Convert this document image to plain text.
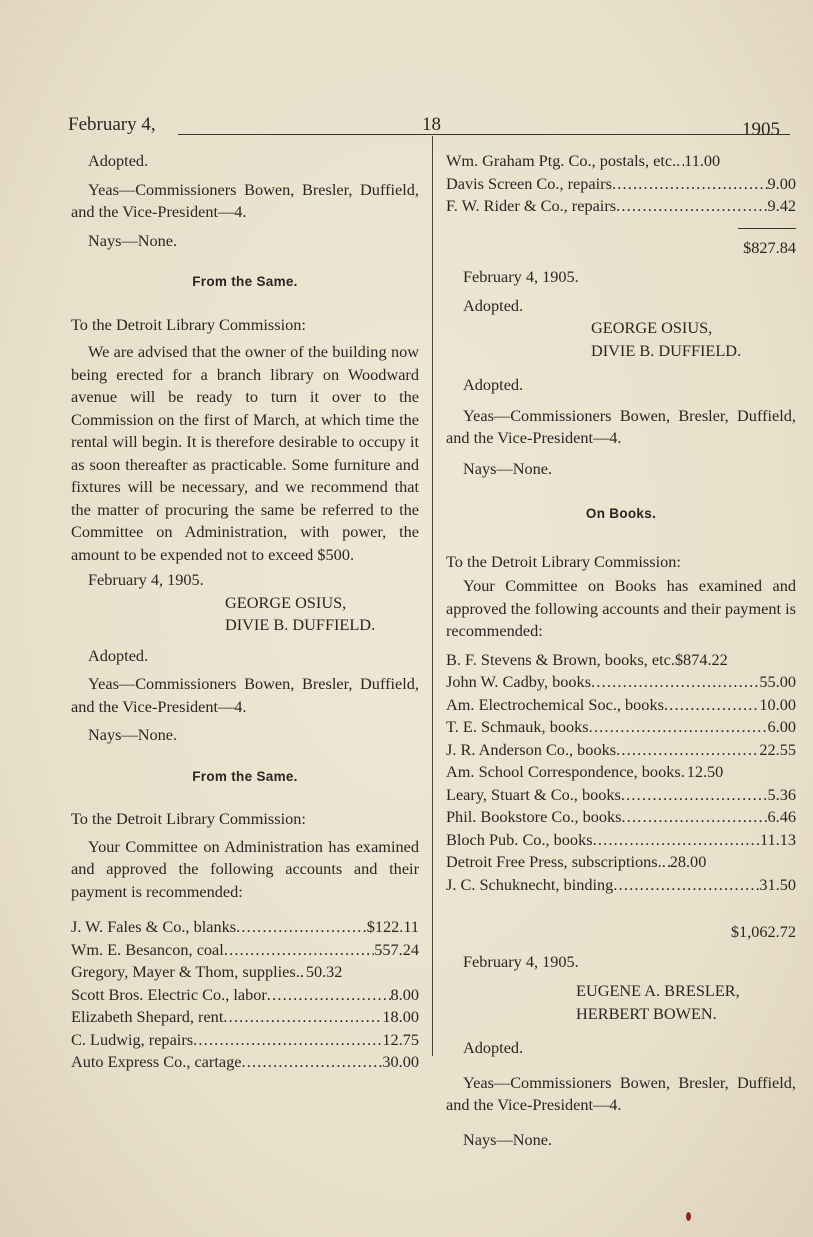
February 4,	18	1905

Adopted.

Yeas—Commissioners Bowen, Bresler, Duffield, and the Vice-President—4.

Nays—None.

From the Same.

To the Detroit Library Commission:

We are advised that the owner of the building now being erected for a branch library on Woodward avenue will be ready to turn it over to the Commission on the first of March, at which time the rental will begin. It is therefore desirable to occupy it as soon thereafter as practicable. Some furniture and fixtures will be necessary, and we recommend that the matter of procuring the same be referred to the Committee on Administration, with power, the amount to be expended not to exceed $500.

February 4, 1905.

GEORGE OSIUS,

DIVIE B. DUFFIELD.

Adopted.

Yeas—Commissioners Bowen, Bresler, Duffield, and the Vice-President—4.

Nays—None.

From the Same.

To the Detroit Library Commission:

Your Committee on Administration has examined and approved the following accounts and their payment is recommended:

J. W. Fales & Co., blanks .....	$122.11
Wm. E. Besancon, coal .....	557.24
Gregory, Mayer & Thom, supplies. ..... 50.32
Scott Bros. Electric Co., labor .....	8.00
Elizabeth Shepard, rent .....	18.00
C. Ludwig, repairs .....	12.75
Auto Express Co., cartage .....	30.00
Wm. Graham Ptg. Co., postals, etc. ..... 11.00
Davis Screen Co., repairs .....	9.00
F. W. Rider & Co., repairs .....	9.42

$827.84

February 4, 1905.

Adopted.

GEORGE OSIUS,

DIVIE B. DUFFIELD.

Adopted.

Yeas—Commissioners Bowen, Bresler, Duffield, and the Vice-President—4.

Nays—None.

On Books.

To the Detroit Library Commission:

Your Committee on Books has examined and approved the following accounts and their payment is recommended:

B. F. Stevens & Brown, books, etc. $874.22
John W. Cadby, books .....	55.00
Am. Electrochemical Soc., books .....	10.00
T. E. Schmauk, books .....	6.00
J. R. Anderson Co., books .....	22.55
Am. School Correspondence, books ..... 12.50
Leary, Stuart & Co., books .....	5.36
Phil. Bookstore Co., books .....	6.46
Bloch Pub. Co., books .....	11.13
Detroit Free Press, subscriptions. ..... 28.00
J. C. Schuknecht, binding .....	31.50

$1,062.72

February 4, 1905.

EUGENE A. BRESLER,

HERBERT BOWEN.

Adopted.

Yeas—Commissioners Bowen, Bresler, Duffield, and the Vice-President—4.

Nays—None.
